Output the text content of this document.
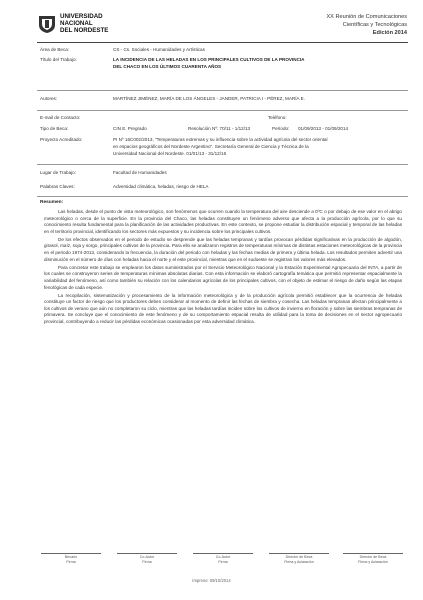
UNIVERSIDAD
NACIONAL
DEL NORDESTE
XX Reunión de Comunicaciones
Científicas y Tecnológicas
Edición 2014
Área de Beca:	CS - Cs. Sociales - Humanidades y Artísticas
Título del Trabajo:	LA INCIDENCIA DE LAS HELADAS EN LOS PRINCIPALES CULTIVOS DE LA PROVINCIA
DEL CHACO EN LOS ÚLTIMOS CUARENTA AÑOS
Autores:	MARTÍNEZ JIMÉNEZ, MARÍA DE LOS ÁNGELES - JANDER, PATRICIA I - PÉREZ, MARÍA E.
E-mail de Contacto:	Teléfono:
Tipo de Beca:	CIN E. Pregrado	Resolución Nº: 70/11 - 1/12/13	Período: 01/09/2013 - 01/09/2014
Proyecto Acreditado:	PI Nº 16C002/2013, "Temperaturas extremas y su influencia sobre la actividad agrícola del sector oriental
en espacios geográficos del Nordeste Argentino". Secretaría General de Ciencia y Técnica de la
Universidad Nacional del Nordeste. 01/01/13 - 31/12/16
Lugar de Trabajo:	Facultad de Humanidades
Palabras Claves:	Adversidad climática, heladas, riesgo de HELA
Resumen:

Las heladas, desde el punto de vista meteorológico, son fenómenos que ocurren cuando la temperatura del aire desciende a 0ºC o por debajo de ese valor en el abrigo meteorológico o cerca de la superficie. En la provincia del Chaco, las heladas constituyen un fenómeno adverso que afecta a la producción agrícola, por lo que su conocimiento resulta fundamental para la planificación de las actividades productivas. En este contexto, se propone estudiar la distribución espacial y temporal de las heladas en el territorio provincial, identificando los sectores más expuestos y su incidencia sobre los principales cultivos.

De los efectos observados en el periodo de estudio se desprende que las heladas tempranas y tardías provocan pérdidas significativas en la producción de algodón, girasol, maíz, soja y sorgo, principales cultivos de la provincia. Para ello se analizaron registros de temperaturas mínimas de distintas estaciones meteorológicas de la provincia en el periodo 1974-2013, considerando la frecuencia, la duración del periodo con heladas y las fechas medias de primera y última helada. Los resultados permiten advertir una disminución en el número de días con heladas hacia el norte y el este provincial, mientras que en el sudoeste se registran los valores más elevados.

Para concretar este trabajo se emplearon los datos suministrados por el Servicio Meteorológico Nacional y la Estación Experimental Agropecuaria del INTA, a partir de los cuales se construyeron series de temperaturas mínimas absolutas diarias. Con esta información se elaboró cartografía temática que permitió representar espacialmente la variabilidad del fenómeno, así como también su relación con los calendarios agrícolas de los principales cultivos, con el objeto de estimar el riesgo de daño según las etapas fenológicas de cada especie.

La recopilación, sistematización y procesamiento de la información meteorológica y de la producción agrícola permitió establecer que la ocurrencia de heladas constituye un factor de riesgo que los productores deben considerar al momento de definir las fechas de siembra y cosecha. Las heladas tempranas afectan principalmente a los cultivos de verano que aún no completaron su ciclo, mientras que las heladas tardías inciden sobre los cultivos de invierno en floración y sobre las siembras tempranas de primavera. Se concluye que el conocimiento de este fenómeno y de su comportamiento espacial resulta de utilidad para la toma de decisiones en el sector agropecuario provincial, contribuyendo a reducir las pérdidas económicas ocasionadas por esta adversidad climática.

Becario
Firma
Co-Autor
Firma
Co-Autor
Firma
Director de Beca
Firma y Aclaración
Director de Beca
Firma y Aclaración
Impreso: 09/10/2014
